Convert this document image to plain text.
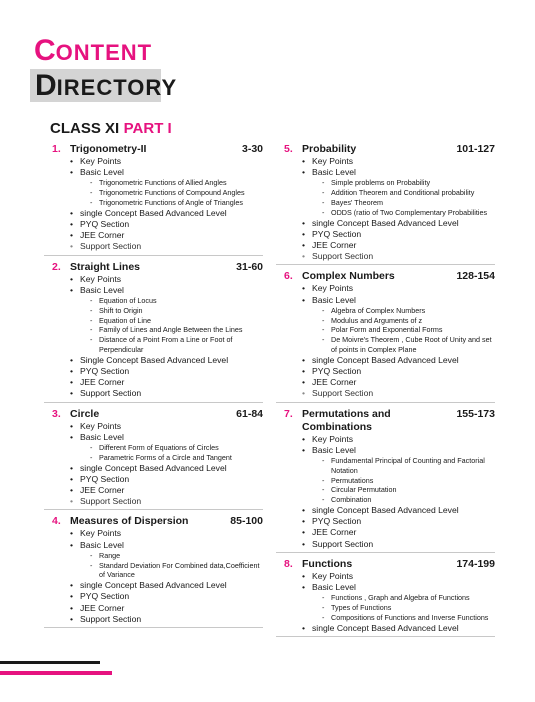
CONTENT
DIRECTORY
CLASS XI PART I
1. Trigonometry-II	3-30
• Key Points
• Basic Level
- Trigonometric Functions of Allied Angles
- Trigonometric Functions of Compound Angles
- Trigonometric Functions of Angle of Triangles
• single Concept Based Advanced Level
• PYQ Section
• JEE Corner
• Support Section
2. Straight Lines	31-60
• Key Points
• Basic Level
- Equation of Locus
- Shift to Origin
- Equation of Line
- Family of Lines and Angle Between the Lines
- Distance of a Point From a Line or Foot of Perpendicular
• Single Concept Based Advanced Level
• PYQ Section
• JEE Corner
• Support Section
3. Circle	61-84
• Key Points
• Basic Level
- Different Form of Equations of Circles
- Parametric Forms of a Circle and Tangent
• single Concept Based Advanced Level
• PYQ Section
• JEE Corner
• Support Section
4. Measures of Dispersion	85-100
• Key Points
• Basic Level
- Range
- Standard Deviation For Combined data,Coefficient of Variance
• single Concept Based Advanced Level
• PYQ Section
• JEE Corner
• Support Section
5. Probability	101-127
• Key Points
• Basic Level
- Simple problems on Probability
- Addition Theorem and Conditional probability
- Bayes' Theorem
- ODDS (ratio of Two Complementary Probabilities
• single Concept Based Advanced Level
• PYQ Section
• JEE Corner
• Support Section
6. Complex Numbers	128-154
• Key Points
• Basic Level
- Algebra of Complex Numbers
- Modulus and Arguments of z
- Polar Form and Exponential Forms
- De Moivre's Theorem , Cube Root of Unity and set of points in Complex Plane
• single Concept Based Advanced Level
• PYQ Section
• JEE Corner
• Support Section
7. Permutations and Combinations
155-173
• Key Points
• Basic Level
- Fundamental Principal of Counting and Factorial Notation
- Permutations
- Circular Permutation
- Combination
• single Concept Based Advanced Level
• PYQ Section
• JEE Corner
• Support Section
8. Functions	174-199
• Key Points
• Basic Level
- Functions , Graph and Algebra of Functions
- Types of Functions
- Compositions of Functions and Inverse Functions
• single Concept Based Advanced Level
